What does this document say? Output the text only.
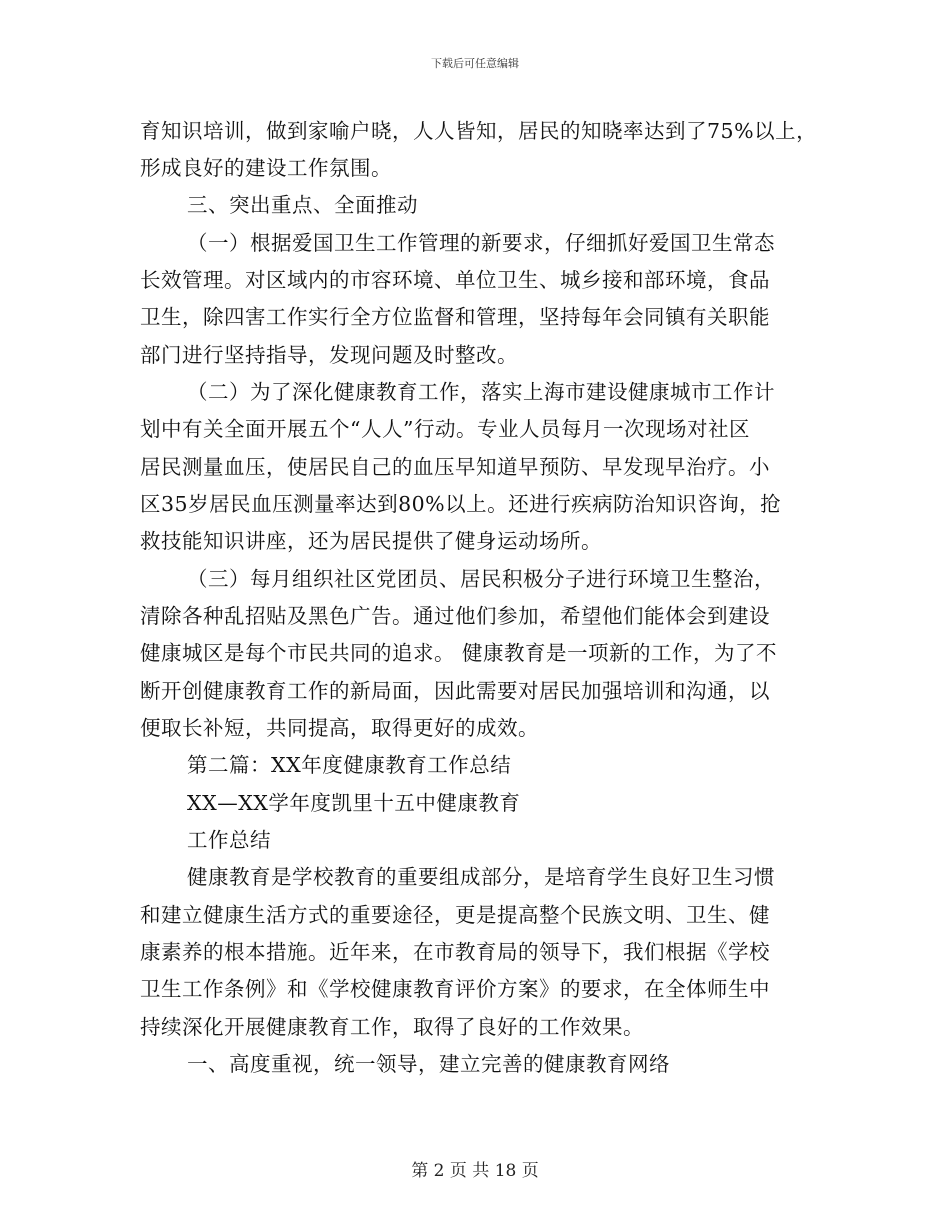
下载后可任意编辑
育知识培训，做到家喻户晓，人人皆知，居民的知晓率达到了75%以上，
形成良好的建设工作氛围。
三、突出重点、全面推动
（一）根据爱国卫生工作管理的新要求，仔细抓好爱国卫生常态
长效管理。对区域内的市容环境、单位卫生、城乡接和部环境，食品
卫生，除四害工作实行全方位监督和管理，坚持每年会同镇有关职能
部门进行坚持指导，发现问题及时整改。
（二）为了深化健康教育工作，落实上海市建设健康城市工作计
划中有关全面开展五个“人人”行动。专业人员每月一次现场对社区
居民测量血压，使居民自己的血压早知道早预防、早发现早治疗。小
区35岁居民血压测量率达到80%以上。还进行疾病防治知识咨询，抢
救技能知识讲座，还为居民提供了健身运动场所。
（三）每月组织社区党团员、居民积极分子进行环境卫生整治，
清除各种乱招贴及黑色广告。通过他们参加，希望他们能体会到建设
健康城区是每个市民共同的追求。 健康教育是一项新的工作，为了不
断开创健康教育工作的新局面，因此需要对居民加强培训和沟通，以
便取长补短，共同提高，取得更好的成效。
第二篇：XX年度健康教育工作总结
XX—XX学年度凯里十五中健康教育
工作总结
健康教育是学校教育的重要组成部分，是培育学生良好卫生习惯
和建立健康生活方式的重要途径，更是提高整个民族文明、卫生、健
康素养的根本措施。近年来，在市教育局的领导下，我们根据《学校
卫生工作条例》和《学校健康教育评价方案》的要求，在全体师生中
持续深化开展健康教育工作，取得了良好的工作效果。
一、高度重视，统一领导，建立完善的健康教育网络
第 2 页 共 18 页
